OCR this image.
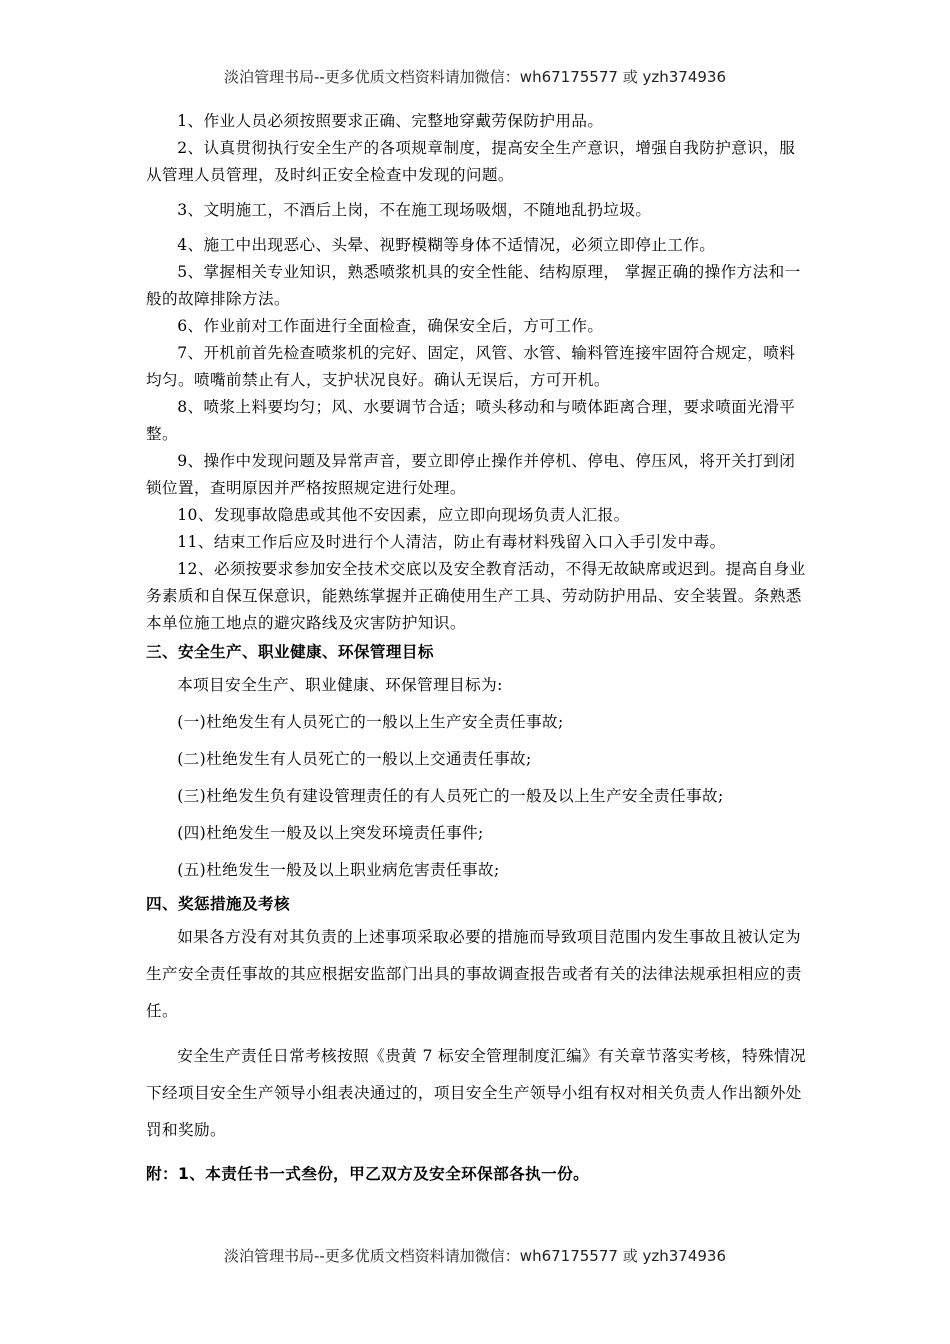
淡泊管理书局--更多优质文档资料请加微信：wh67175577 或 yzh374936

1、作业人员必须按照要求正确、完整地穿戴劳保防护用品。

2、认真贯彻执行安全生产的各项规章制度，提高安全生产意识，增强自我防护意识，服从管理人员管理，及时纠正安全检查中发现的问题。

3、文明施工，不酒后上岗，不在施工现场吸烟，不随地乱扔垃圾。

4、施工中出现恶心、头晕、视野模糊等身体不适情况，必须立即停止工作。

5、掌握相关专业知识，熟悉喷浆机具的安全性能、结构原理， 掌握正确的操作方法和一般的故障排除方法。

6、作业前对工作面进行全面检查，确保安全后，方可工作。

7、开机前首先检查喷浆机的完好、固定，风管、水管、输料管连接牢固符合规定，喷料均匀。喷嘴前禁止有人，支护状况良好。确认无误后，方可开机。

8、喷浆上料要均匀；风、水要调节合适；喷头移动和与喷体距离合理，要求喷面光滑平整。

9、操作中发现问题及异常声音，要立即停止操作并停机、停电、停压风，将开关打到闭锁位置，查明原因并严格按照规定进行处理。

10、发现事故隐患或其他不安因素，应立即向现场负责人汇报。

11、结束工作后应及时进行个人清洁，防止有毒材料残留入口入手引发中毒。

12、必须按要求参加安全技术交底以及安全教育活动，不得无故缺席或迟到。提高自身业务素质和自保互保意识，能熟练掌握并正确使用生产工具、劳动防护用品、安全装置。条熟悉本单位施工地点的避灾路线及灾害防护知识。

三、安全生产、职业健康、环保管理目标

本项目安全生产、职业健康、环保管理目标为:

(一)杜绝发生有人员死亡的一般以上生产安全责任事故;

(二)杜绝发生有人员死亡的一般以上交通责任事故;

(三)杜绝发生负有建设管理责任的有人员死亡的一般及以上生产安全责任事故;

(四)杜绝发生一般及以上突发环境责任事件;

(五)杜绝发生一般及以上职业病危害责任事故;

四、奖惩措施及考核

如果各方没有对其负责的上述事项采取必要的措施而导致项目范围内发生事故且被认定为生产安全责任事故的其应根据安监部门出具的事故调查报告或者有关的法律法规承担相应的责任。

安全生产责任日常考核按照《贵黄 7 标安全管理制度汇编》有关章节落实考核，特殊情况下经项目安全生产领导小组表决通过的，项目安全生产领导小组有权对相关负责人作出额外处罚和奖励。

附：1、本责任书一式叁份，甲乙双方及安全环保部各执一份。

淡泊管理书局--更多优质文档资料请加微信：wh67175577 或 yzh374936
